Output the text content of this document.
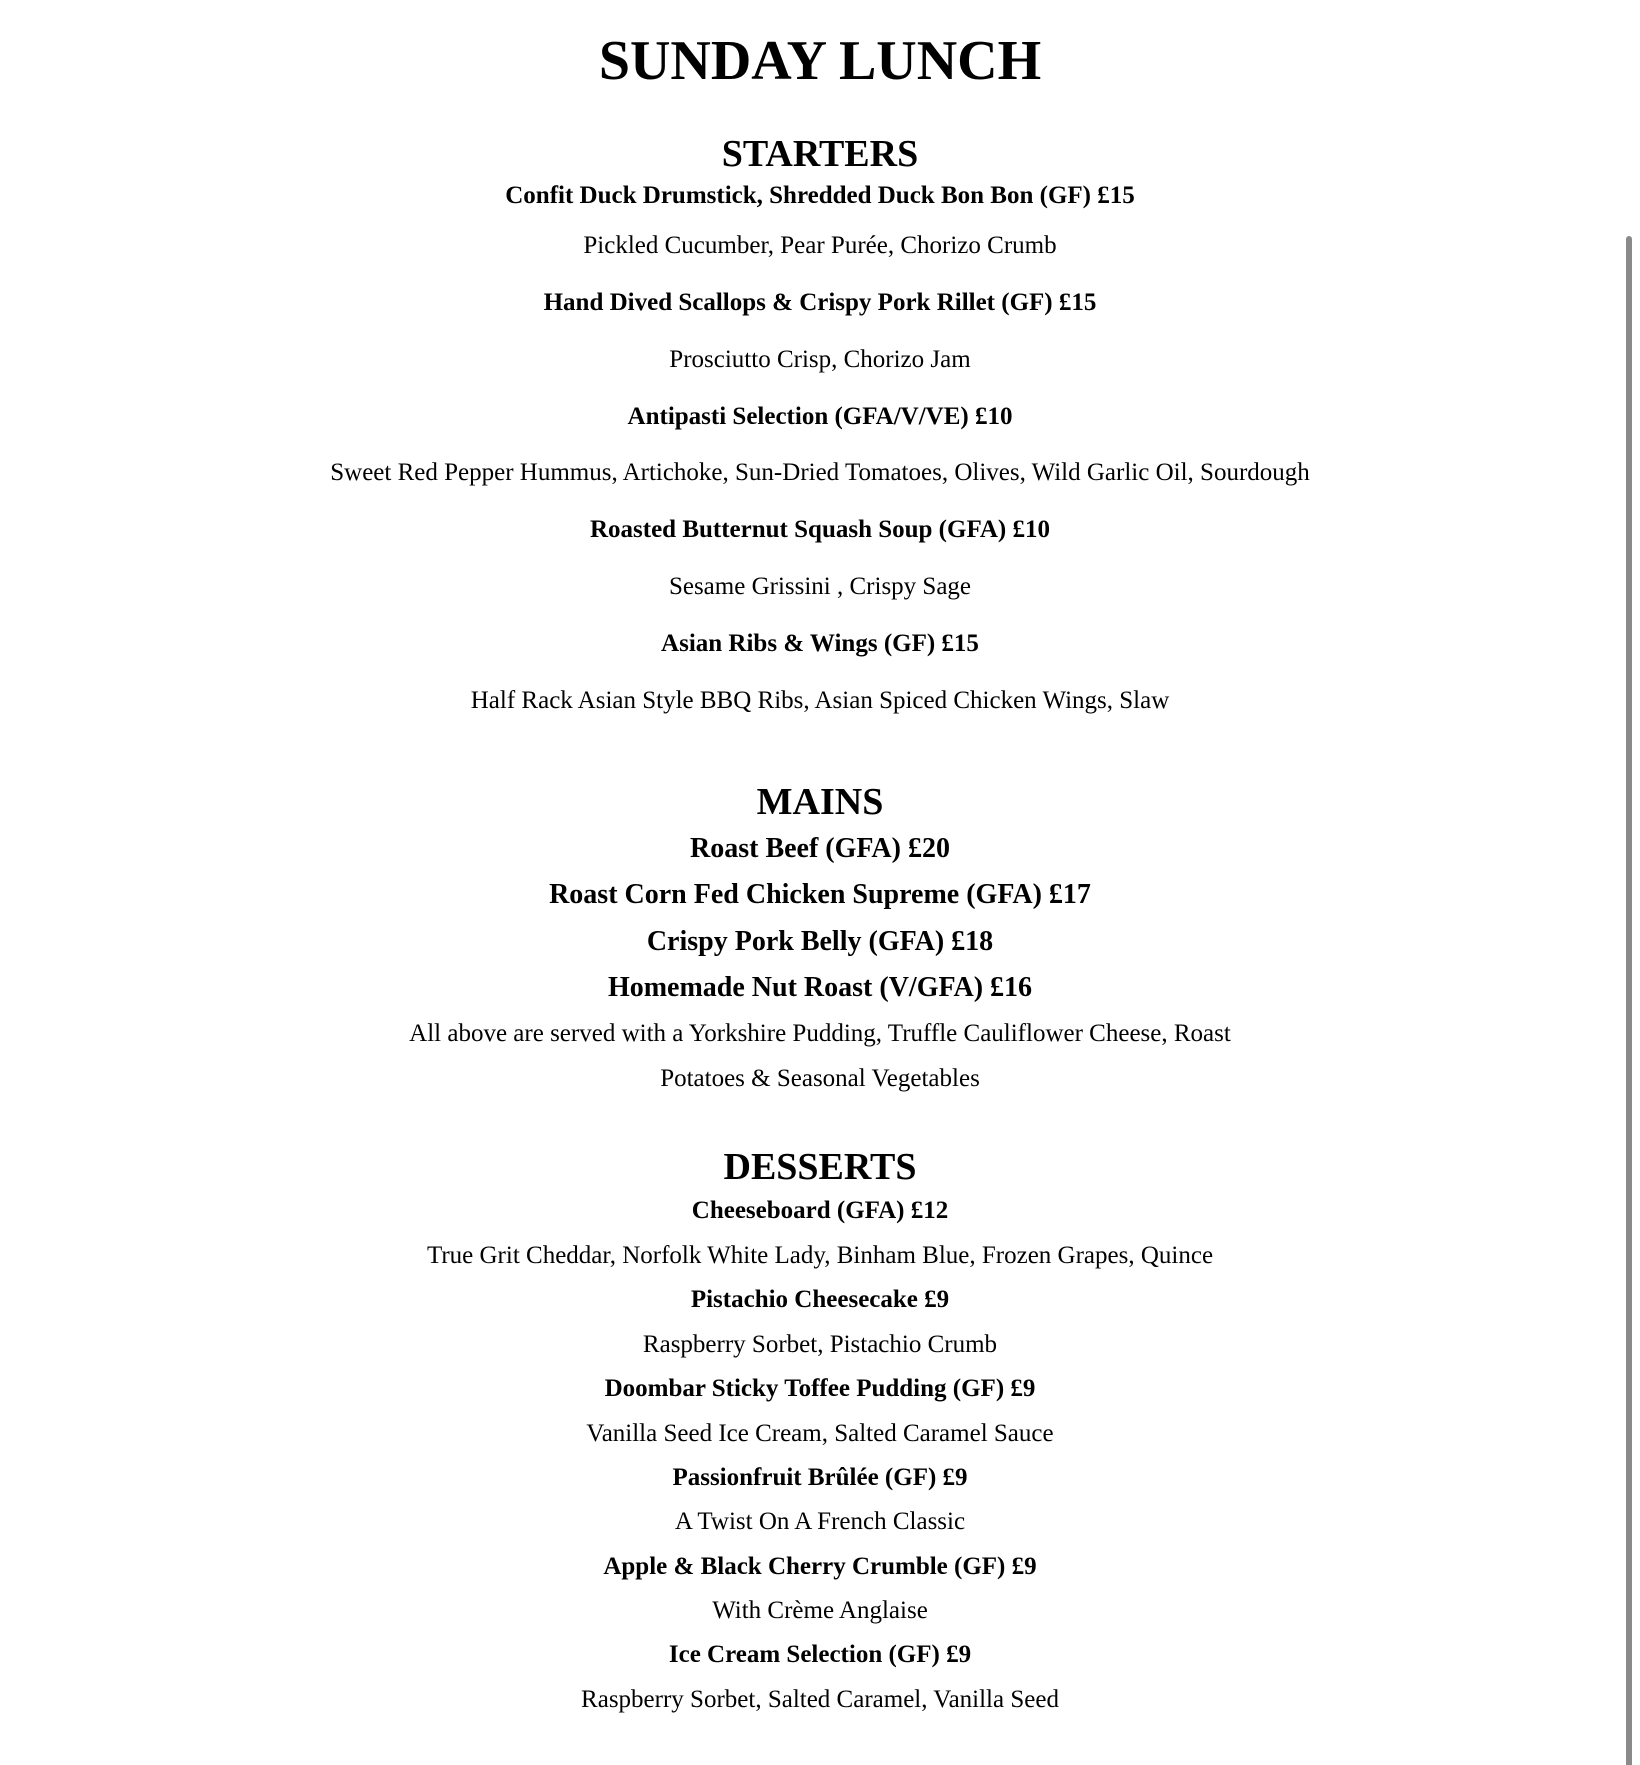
SUNDAY LUNCH
STARTERS
Confit Duck Drumstick, Shredded Duck Bon Bon (GF) £15
Pickled Cucumber, Pear Purée, Chorizo Crumb
Hand Dived Scallops & Crispy Pork Rillet (GF) £15
Prosciutto Crisp, Chorizo Jam
Antipasti Selection (GFA/V/VE) £10
Sweet Red Pepper Hummus, Artichoke, Sun-Dried Tomatoes, Olives, Wild Garlic Oil, Sourdough
Roasted Butternut Squash Soup (GFA) £10
Sesame Grissini , Crispy Sage
Asian Ribs & Wings (GF) £15
Half Rack Asian Style BBQ Ribs, Asian Spiced Chicken Wings, Slaw
MAINS
Roast Beef (GFA) £20
Roast Corn Fed Chicken Supreme (GFA) £17
Crispy Pork Belly (GFA) £18
Homemade Nut Roast (V/GFA) £16
All above are served with a Yorkshire Pudding, Truffle Cauliflower Cheese, Roast
Potatoes & Seasonal Vegetables
DESSERTS
Cheeseboard (GFA) £12
True Grit Cheddar, Norfolk White Lady, Binham Blue, Frozen Grapes, Quince
Pistachio Cheesecake £9
Raspberry Sorbet, Pistachio Crumb
Doombar Sticky Toffee Pudding (GF) £9
Vanilla Seed Ice Cream, Salted Caramel Sauce
Passionfruit Brûlée (GF) £9
A Twist On A French Classic
Apple & Black Cherry Crumble (GF) £9
With Crème Anglaise
Ice Cream Selection (GF) £9
Raspberry Sorbet, Salted Caramel, Vanilla Seed
